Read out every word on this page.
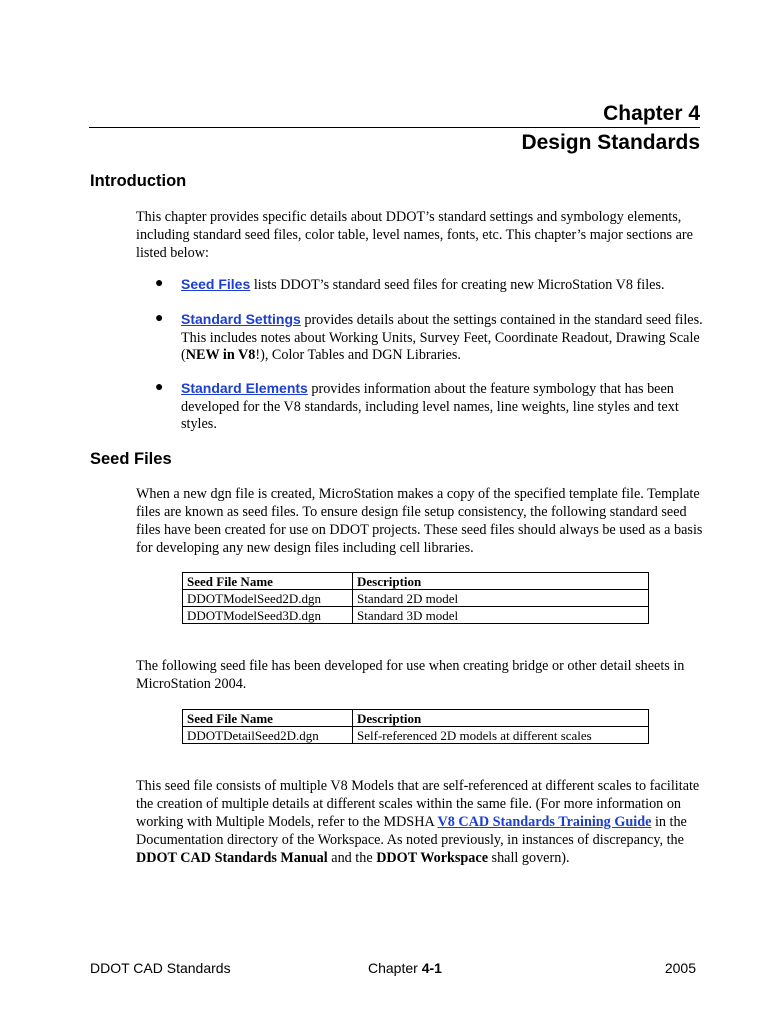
Chapter 4
Design Standards
Introduction
This chapter provides specific details about DDOT’s standard settings and symbology elements, including standard seed files, color table, level names, fonts, etc. This chapter’s major sections are listed below:
● Seed Files lists DDOT’s standard seed files for creating new MicroStation V8 files.
● Standard Settings provides details about the settings contained in the standard seed files. This includes notes about Working Units, Survey Feet, Coordinate Readout, Drawing Scale (NEW in V8!), Color Tables and DGN Libraries.
● Standard Elements provides information about the feature symbology that has been developed for the V8 standards, including level names, line weights, line styles and text styles.
Seed Files
When a new dgn file is created, MicroStation makes a copy of the specified template file. Template files are known as seed files. To ensure design file setup consistency, the following standard seed files have been created for use on DDOT projects. These seed files should always be used as a basis for developing any new design files including cell libraries.
Seed File Name	Description
DDOTModelSeed2D.dgn	Standard 2D model
DDOTModelSeed3D.dgn	Standard 3D model
The following seed file has been developed for use when creating bridge or other detail sheets in MicroStation 2004.
Seed File Name	Description
DDOTDetailSeed2D.dgn	Self-referenced 2D models at different scales
This seed file consists of multiple V8 Models that are self-referenced at different scales to facilitate the creation of multiple details at different scales within the same file. (For more information on working with Multiple Models, refer to the MDSHA V8 CAD Standards Training Guide in the Documentation directory of the Workspace. As noted previously, in instances of discrepancy, the DDOT CAD Standards Manual and the DDOT Workspace shall govern).
DDOT CAD Standards	Chapter 4-1	2005
